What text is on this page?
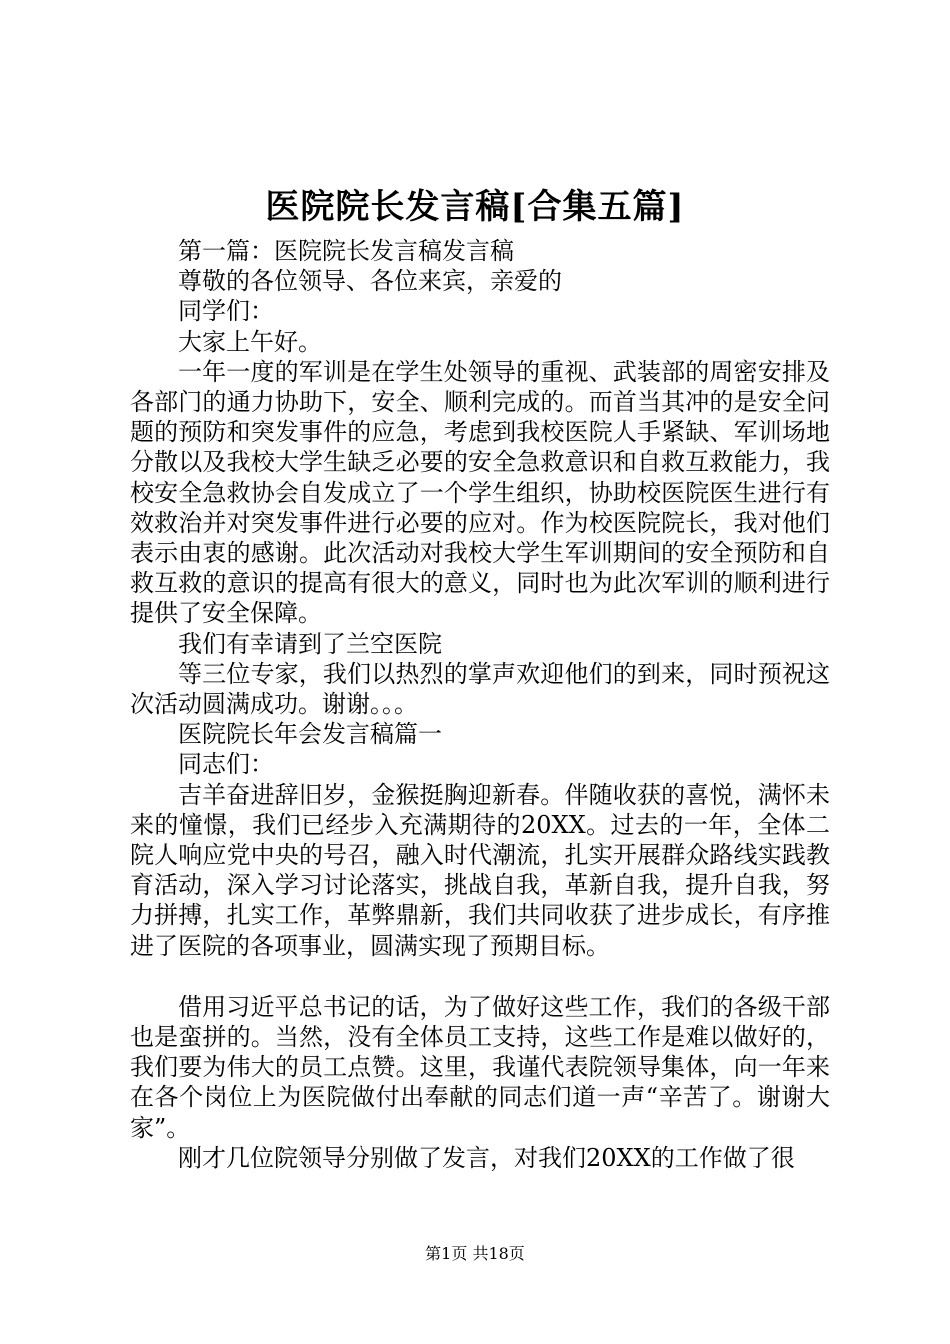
医院院长发言稿[合集五篇]

第一篇：医院院长发言稿发言稿

尊敬的各位领导、各位来宾，亲爱的

同学们：

大家上午好。

一年一度的军训是在学生处领导的重视、武装部的周密安排及各部门的通力协助下，安全、顺利完成的。而首当其冲的是安全问题的预防和突发事件的应急，考虑到我校医院人手紧缺、军训场地分散以及我校大学生缺乏必要的安全急救意识和自救互救能力，我校安全急救协会自发成立了一个学生组织，协助校医院医生进行有效救治并对突发事件进行必要的应对。作为校医院院长，我对他们表示由衷的感谢。此次活动对我校大学生军训期间的安全预防和自救互救的意识的提高有很大的意义，同时也为此次军训的顺利进行提供了安全保障。

我们有幸请到了兰空医院

等三位专家，我们以热烈的掌声欢迎他们的到来，同时预祝这次活动圆满成功。谢谢。。。

医院院长年会发言稿篇一

同志们：

吉羊奋进辞旧岁，金猴挺胸迎新春。伴随收获的喜悦，满怀未来的憧憬，我们已经步入充满期待的20XX。过去的一年，全体二院人响应党中央的号召，融入时代潮流，扎实开展群众路线实践教育活动，深入学习讨论落实，挑战自我，革新自我，提升自我，努力拼搏，扎实工作，革弊鼎新，我们共同收获了进步成长，有序推进了医院的各项事业，圆满实现了预期目标。

借用习近平总书记的话，为了做好这些工作，我们的各级干部也是蛮拼的。当然，没有全体员工支持，这些工作是难以做好的，我们要为伟大的员工点赞。这里，我谨代表院领导集体，向一年来在各个岗位上为医院做付出奉献的同志们道一声“辛苦了。谢谢大家”。

刚才几位院领导分别做了发言，对我们20XX的工作做了很

第1页 共18页
